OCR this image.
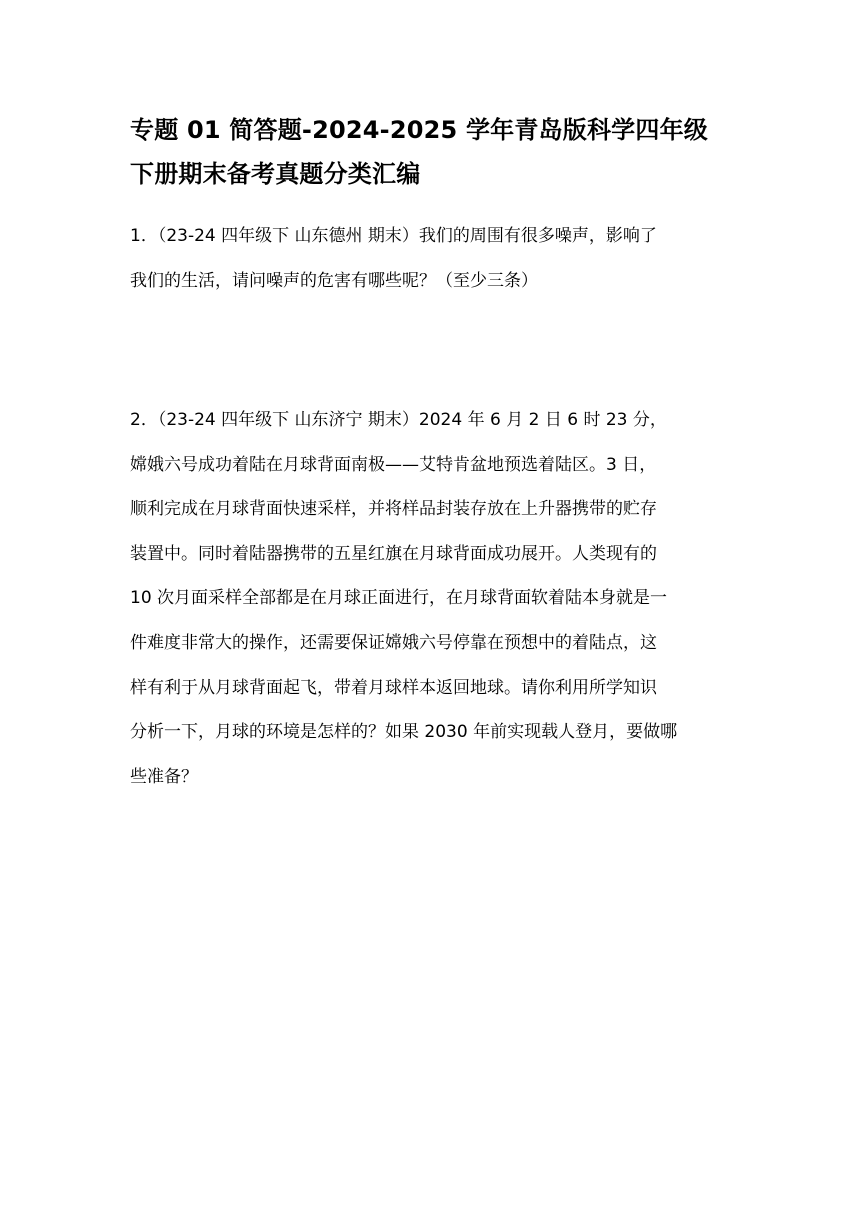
专题 01 简答题-2024-2025 学年青岛版科学四年级
下册期末备考真题分类汇编
1．（23-24 四年级下 山东德州 期末）我们的周围有很多噪声，影响了
我们的生活，请问噪声的危害有哪些呢？（至少三条）
2．（23-24 四年级下 山东济宁 期末）2024 年 6 月 2 日 6 时 23 分，
嫦娥六号成功着陆在月球背面南极——艾特肯盆地预选着陆区。3 日，
顺利完成在月球背面快速采样，并将样品封装存放在上升器携带的贮存
装置中。同时着陆器携带的五星红旗在月球背面成功展开。人类现有的
10 次月面采样全部都是在月球正面进行，在月球背面软着陆本身就是一
件难度非常大的操作，还需要保证嫦娥六号停靠在预想中的着陆点，这
样有利于从月球背面起飞，带着月球样本返回地球。请你利用所学知识
分析一下，月球的环境是怎样的？如果 2030 年前实现载人登月，要做哪
些准备？
